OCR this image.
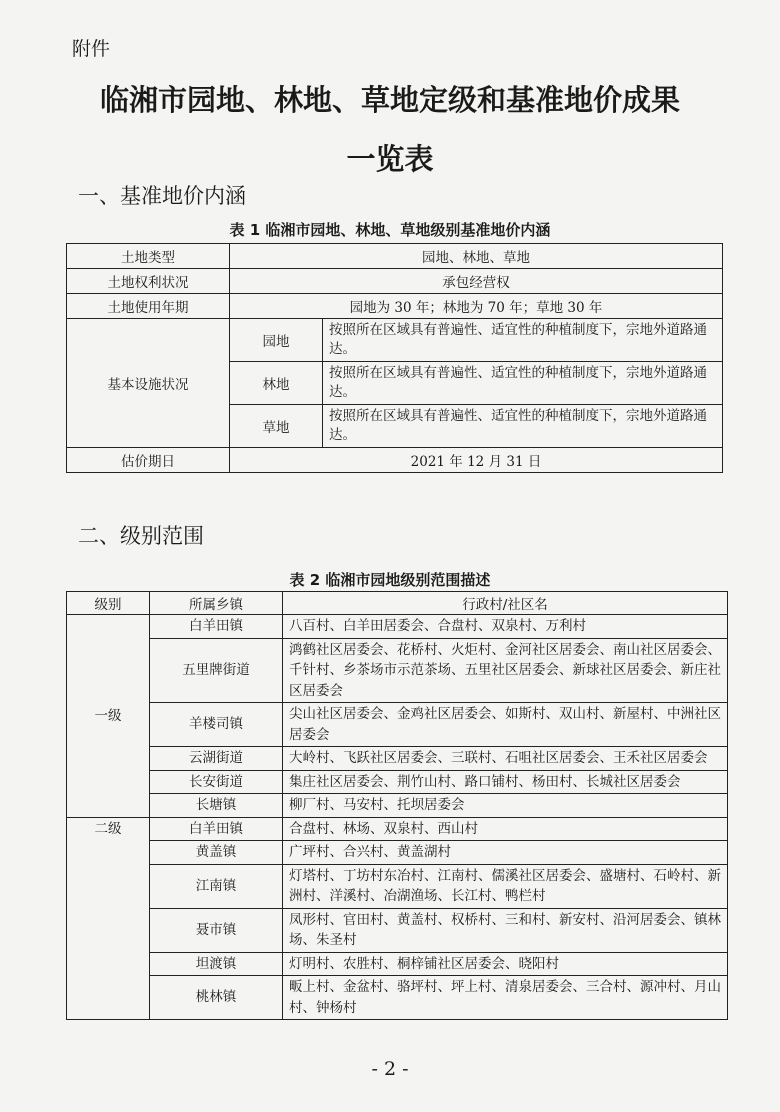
附件
临湘市园地、林地、草地定级和基准地价成果
一览表
一、基准地价内涵
表 1 临湘市园地、林地、草地级别基准地价内涵
土地类型	园地、林地、草地	
土地权利状况	承包经营权	
土地使用年期	园地为 30 年；林地为 70 年；草地 30 年	
基本设施状况	园地	按照所在区域具有普遍性、适宜性的种植制度下，宗地外道路通达。
	林地	按照所在区域具有普遍性、适宜性的种植制度下，宗地外道路通达。
	草地	按照所在区域具有普遍性、适宜性的种植制度下，宗地外道路通达。
估价期日	2021 年 12 月 31 日	
二、级别范围
表 2 临湘市园地级别范围描述
级别	所属乡镇	行政村/社区名
一级	白羊田镇	八百村、白羊田居委会、合盘村、双泉村、万利村
	五里牌街道	鸿鹤社区居委会、花桥村、火炬村、金河社区居委会、南山社区居委会、千针村、乡茶场市示范茶场、五里社区居委会、新球社区居委会、新庄社区居委会
	羊楼司镇	尖山社区居委会、金鸡社区居委会、如斯村、双山村、新屋村、中洲社区居委会
	云湖街道	大岭村、飞跃社区居委会、三联村、石咀社区居委会、王禾社区居委会
	长安街道	集庄社区居委会、荆竹山村、路口铺村、杨田村、长城社区居委会
	长塘镇	柳厂村、马安村、托坝居委会
二级	白羊田镇	合盘村、林场、双泉村、西山村
	黄盖镇	广坪村、合兴村、黄盖湖村
	江南镇	灯塔村、丁坊村东冶村、江南村、儒溪社区居委会、盛塘村、石岭村、新洲村、洋溪村、冶湖渔场、长江村、鸭栏村
	聂市镇	凤形村、官田村、黄盖村、权桥村、三和村、新安村、沿河居委会、镇林场、朱圣村
	坦渡镇	灯明村、农胜村、桐梓铺社区居委会、晓阳村
	桃林镇	畈上村、金盆村、骆坪村、坪上村、清泉居委会、三合村、源冲村、月山村、钟杨村
- 2 -
